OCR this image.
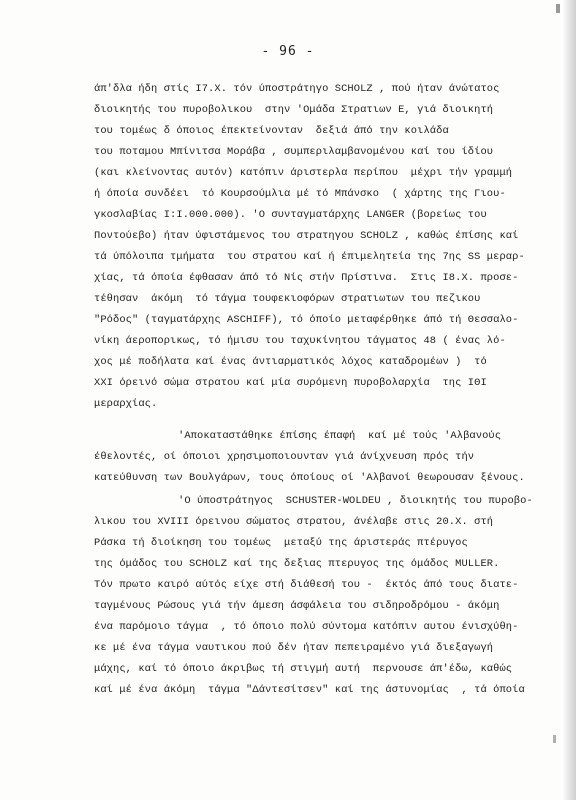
- 96 -
άπ'δλα ήδη στίς Ι7.Χ. τόν ύποστράτηγο SCHOLZ , πού ήταν άνώτατος
διοικητής του πυροβολικου  στην 'Ομάδα Στρατιων Ε, γιά διοικητή
του τομέως δ όποιος έπεκτείνονταν  δεξιά άπό την κοιλάδα
του ποταμου Μπίνιτσα Μοράβα , συμπεριλαμβανομένου καί του ίδίου
(και κλείνοντας αυτόν) κατόπιν άριστερλα περίπου  μέχρι τήν γραμμή
ή όποία συνδέει  τό Κουρσούμλια μέ τό Μπάνσκο  ( χάρτης της Γιου-
γκοσλαβίας Ι:Ι.000.000). 'Ο συνταγματάρχης LANGER (βορείως του
Ποντούεβο) ήταν ύφιστάμενος του στρατηγου SCHOLZ , καθώς έπίσης καί
τά ύπόλοιπα τμήματα  του στρατου καί ή έπιμελητεία της 7ης SS μεραρ-
χίας, τά όποία έφθασαν άπό τό Νίς στήν Πρίστινα.  Στις Ι8.Χ. προσε-
τέθησαν  άκόμη  τό τάγμα τουφεκιοφόρων στρατιωτων του πεζικου
"Ρόδος" (ταγματάρχης ASCHIFF), τό όποίο μεταφέρθηκε άπό τή Θεσσαλο-
νίκη άεροπορικως, τό ήμισυ του ταχυκίνητου τάγματος 48 ( ένας λό-
χος μέ ποδήλατα καί ένας άντιαρματικός λόχος καταδρομέων )  τό
ΧΧΙ όρεινό σώμα στρατου καί μία συρόμενη πυροβολαρχία  της ΙΘΙ
μεραρχίας.
'Αποκαταστάθηκε έπίσης έπαφή  καί μέ τούς 'Αλβανούς
έθελοντές, οί όποιοι χρησιμοποιουνταν γιά άνίχνευση πρός τήν
κατεύθυνση των Βουλγάρων, τους όποίους οί 'Αλβανοί θεωρουσαν ξένους.
'Ο ύποστράτηγος  SCHUSTER-WOLDEU , διοικητής του πυροβο-
λικου του XVIII όρεινου σώματος στρατου, άνέλαβε στις 20.Χ. στή
Ράσκα τή διοίκηση του τομέως  μεταξύ της άριστεράς πτέρυγος
της όμάδος του SCHOLZ καί της δεξιας πτερυγος της όμάδος MULLER.
Τόν πρωτο καιρό αύτός είχε στή διάθεσή του -  έκτός άπό τους διατε-
ταγμένους Ρώσους γιά τήν άμεση άσφάλεια του σιδηροδρόμου - άκόμη
ένα παρόμοιο τάγμα  , τό όποιο πολύ σύντομα κατόπιν αυτου ένισχύθη-
κε μέ ένα τάγμα ναυτικου πού δέν ήταν πεπειραμένο γιά διεξαγωγή
μάχης, καί τό όποιο άκριβως τή στιγμή αυτή  περνουσε άπ'έδω, καθώς
καί μέ ένα άκόμη  τάγμα "Δάντεσίτσεν" καί της άστυνομίας  , τά όποία
